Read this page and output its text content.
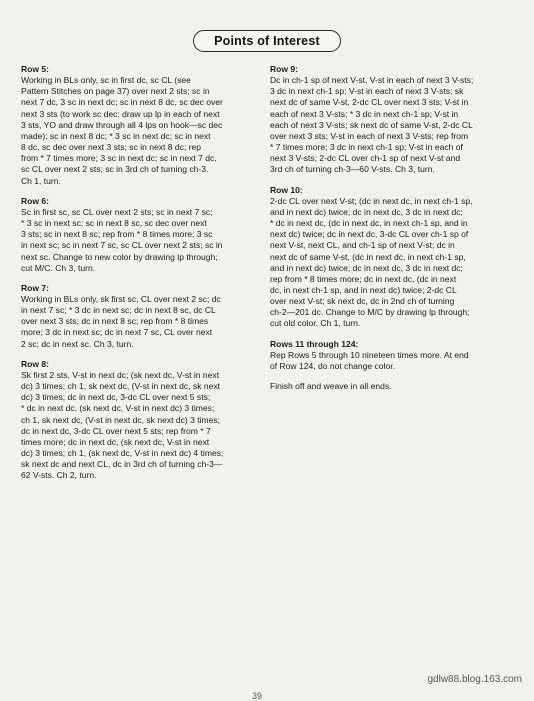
Points of Interest
Row 5:
Working in BLs only, sc in first dc, sc CL (see
Pattern Stitches on page 37) over next 2 sts; sc in
next 7 dc, 3 sc in next dc; sc in next 8 dc, sc dec over
next 3 sts (to work sc dec: draw up lp in each of next
3 sts, YO and draw through all 4 lps on hook—sc dec
made); sc in next 8 dc; * 3 sc in next dc; sc in next
8 dc, sc dec over next 3 sts; sc in next 8 dc; rep
from * 7 times more; 3 sc in next dc; sc in next 7 dc,
sc CL over next 2 sts; sc in 3rd ch of turning ch-3.
Ch 1, turn.
Row 6:
Sc in first sc, sc CL over next 2 sts; sc in next 7 sc;
* 3 sc in next sc; sc in next 8 sc, sc dec over next
3 sts; sc in next 8 sc; rep from * 8 times more; 3 sc
in next sc; sc in next 7 sc, sc CL over next 2 sts; sc in
next sc. Change to new color by drawing lp through;
cut M/C. Ch 3, turn.
Row 7:
Working in BLs only, sk first sc, CL over next 2 sc; dc
in next 7 sc; * 3 dc in next sc; dc in next 8 sc, dc CL
over next 3 sts; dc in next 8 sc; rep from * 8 times
more; 3 dc in next sc; dc in next 7 sc, CL over next
2 sc; dc in next sc. Ch 3, turn.
Row 8:
Sk first 2 sts, V-st in next dc; (sk next dc, V-st in next
dc) 3 times; ch 1, sk next dc, (V-st in next dc, sk next
dc) 3 times; dc in next dc, 3-dc CL over next 5 sts;
* dc in next dc, (sk next dc, V-st in next dc) 3 times;
ch 1, sk next dc, (V-st in next dc, sk next dc) 3 times;
dc in next dc, 3-dc CL over next 5 sts; rep from * 7
times more; dc in next dc, (sk next dc, V-st in next
dc) 3 times; ch 1, (sk next dc, V-st in next dc) 4 times;
sk next dc and next CL, dc in 3rd ch of turning ch-3—
62 V-sts. Ch 2, turn.
Row 9:
Dc in ch-1 sp of next V-st, V-st in each of next 3 V-sts;
3 dc in next ch-1 sp; V-st in each of next 3 V-sts; sk
next dc of same V-st, 2-dc CL over next 3 sts; V-st in
each of next 3 V-sts; * 3 dc in next ch-1 sp; V-st in
each of next 3 V-sts; sk next dc of same V-st, 2-dc CL
over next 3 sts; V-st in each of next 3 V-sts; rep from
* 7 times more; 3 dc in next ch-1 sp; V-st in each of
next 3 V-sts; 2-dc CL over ch-1 sp of next V-st and
3rd ch of turning ch-3—60 V-sts. Ch 3, turn.
Row 10:
2-dc CL over next V-st; (dc in next dc, in next ch-1 sp,
and in next dc) twice; dc in next dc, 3 dc in next dc;
* dc in next dc, (dc in next dc, in next ch-1 sp, and in
next dc) twice; dc in next dc, 3-dc CL over ch-1 sp of
next V-st, next CL, and ch-1 sp of next V-st; dc in
next dc of same V-st, (dc in next dc, in next ch-1 sp,
and in next dc) twice; dc in next dc, 3 dc in next dc;
rep from * 8 times more; dc in next dc, (dc in next
dc, in next ch-1 sp, and in next dc) twice; 2-dc CL
over next V-st; sk next dc, dc in 2nd ch of turning
ch-2—201 dc. Change to M/C by drawing lp through;
cut old color. Ch 1, turn.
Rows 11 through 124:
Rep Rows 5 through 10 nineteen times more. At end
of Row 124, do not change color.
Finish off and weave in all ends.
gdlw88.blog.163.com
39
